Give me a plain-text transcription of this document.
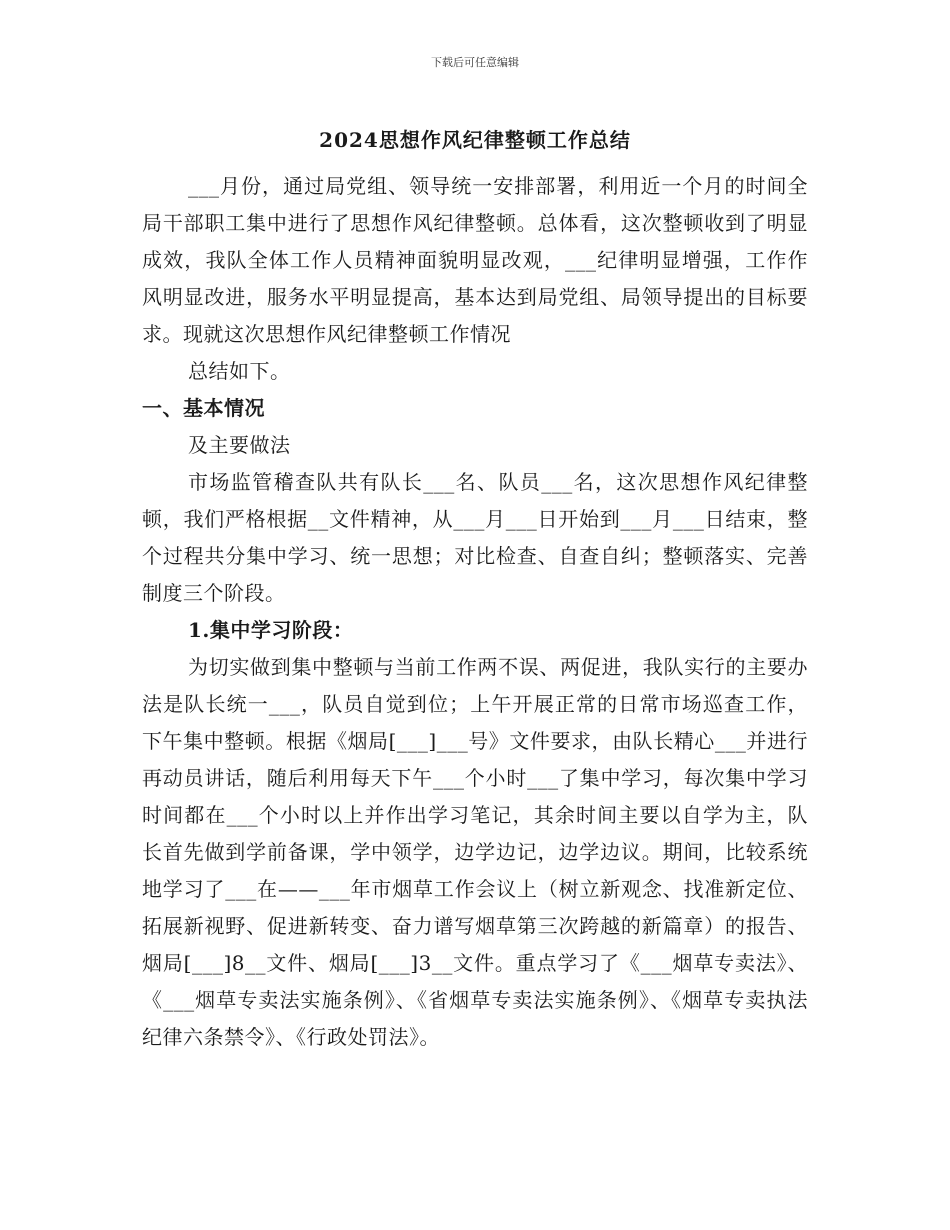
下载后可任意编辑
2024思想作风纪律整顿工作总结

___月份，通过局党组、领导统一安排部署，利用近一个月的时间全局干部职工集中进行了思想作风纪律整顿。总体看，这次整顿收到了明显成效，我队全体工作人员精神面貌明显改观，___纪律明显增强，工作作风明显改进，服务水平明显提高，基本达到局党组、局领导提出的目标要求。现就这次思想作风纪律整顿工作情况

总结如下。

一、基本情况

及主要做法

市场监管稽查队共有队长___名、队员___名，这次思想作风纪律整顿，我们严格根据__文件精神，从___月___日开始到___月___日结束，整个过程共分集中学习、统一思想；对比检查、自查自纠；整顿落实、完善制度三个阶段。

1.集中学习阶段：

为切实做到集中整顿与当前工作两不误、两促进，我队实行的主要办法是队长统一___，队员自觉到位；上午开展正常的日常市场巡查工作，下午集中整顿。根据《烟局[___]___号》文件要求，由队长精心___并进行再动员讲话，随后利用每天下午___个小时___了集中学习，每次集中学习时间都在___个小时以上并作出学习笔记，其余时间主要以自学为主，队长首先做到学前备课，学中领学，边学边记，边学边议。期间，比较系统地学习了___在——___年市烟草工作会议上（树立新观念、找准新定位、拓展新视野、促进新转变、奋力谱写烟草第三次跨越的新篇章）的报告、烟局[___]8__文件、烟局[___]3__文件。重点学习了《___烟草专卖法》、《___烟草专卖法实施条例》、《省烟草专卖法实施条例》、《烟草专卖执法纪律六条禁令》、《行政处罚法》。
